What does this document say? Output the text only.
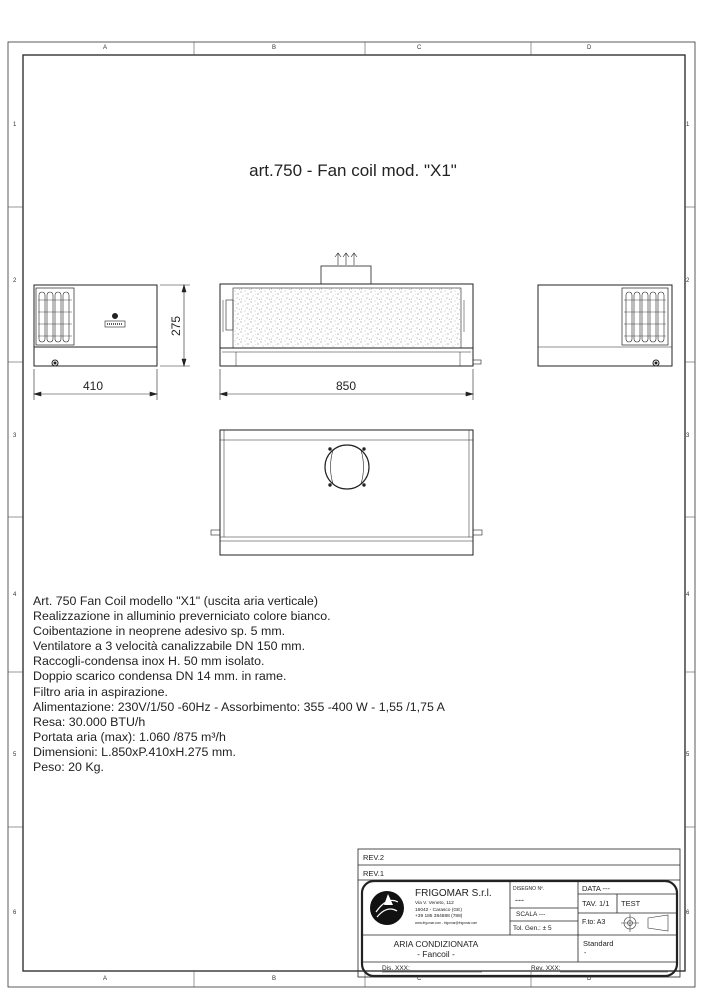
275
410	850
A	B	C	D
A	B	C	D
1
2
3
4
5
6
1
2
3
4
5
6
art.750 - Fan coil mod. "X1"
Art. 750 Fan Coil modello "X1" (uscita aria verticale)
Realizzazione in alluminio preverniciato colore bianco.
Coibentazione in neoprene adesivo sp. 5 mm.
Ventilatore a 3 velocità canalizzabile DN 150 mm.
Raccogli-condensa inox H. 50 mm isolato.
Doppio scarico condensa DN 14 mm. in rame.
Filtro aria in aspirazione.
Alimentazione: 230V/1/50 -60Hz - Assorbimento: 355 -400 W - 1,55 /1,75 A
Resa: 30.000 BTU/h
Portata aria (max): 1.060 /875 m³/h
Dimensioni: L.850xP.410xH.275 mm.
Peso: 20 Kg.
REV.2
REV.1
FRIGOMAR S.r.l.
Via V. Veneto, 112
16042 - Carasco (GE)
+39 185 384888 (788)
www.frigomar.com - frigomar@frigomar.com
DISEGNO Nº.
---
SCALA ---
Tol. Gen.: ± 5
DATA ---
TAV. 1/1 TEST
F.to: A3
ARIA CONDIZIONATA
- Fancoil -
Standard
-
Dis. XXX:	Rev. XXX:
